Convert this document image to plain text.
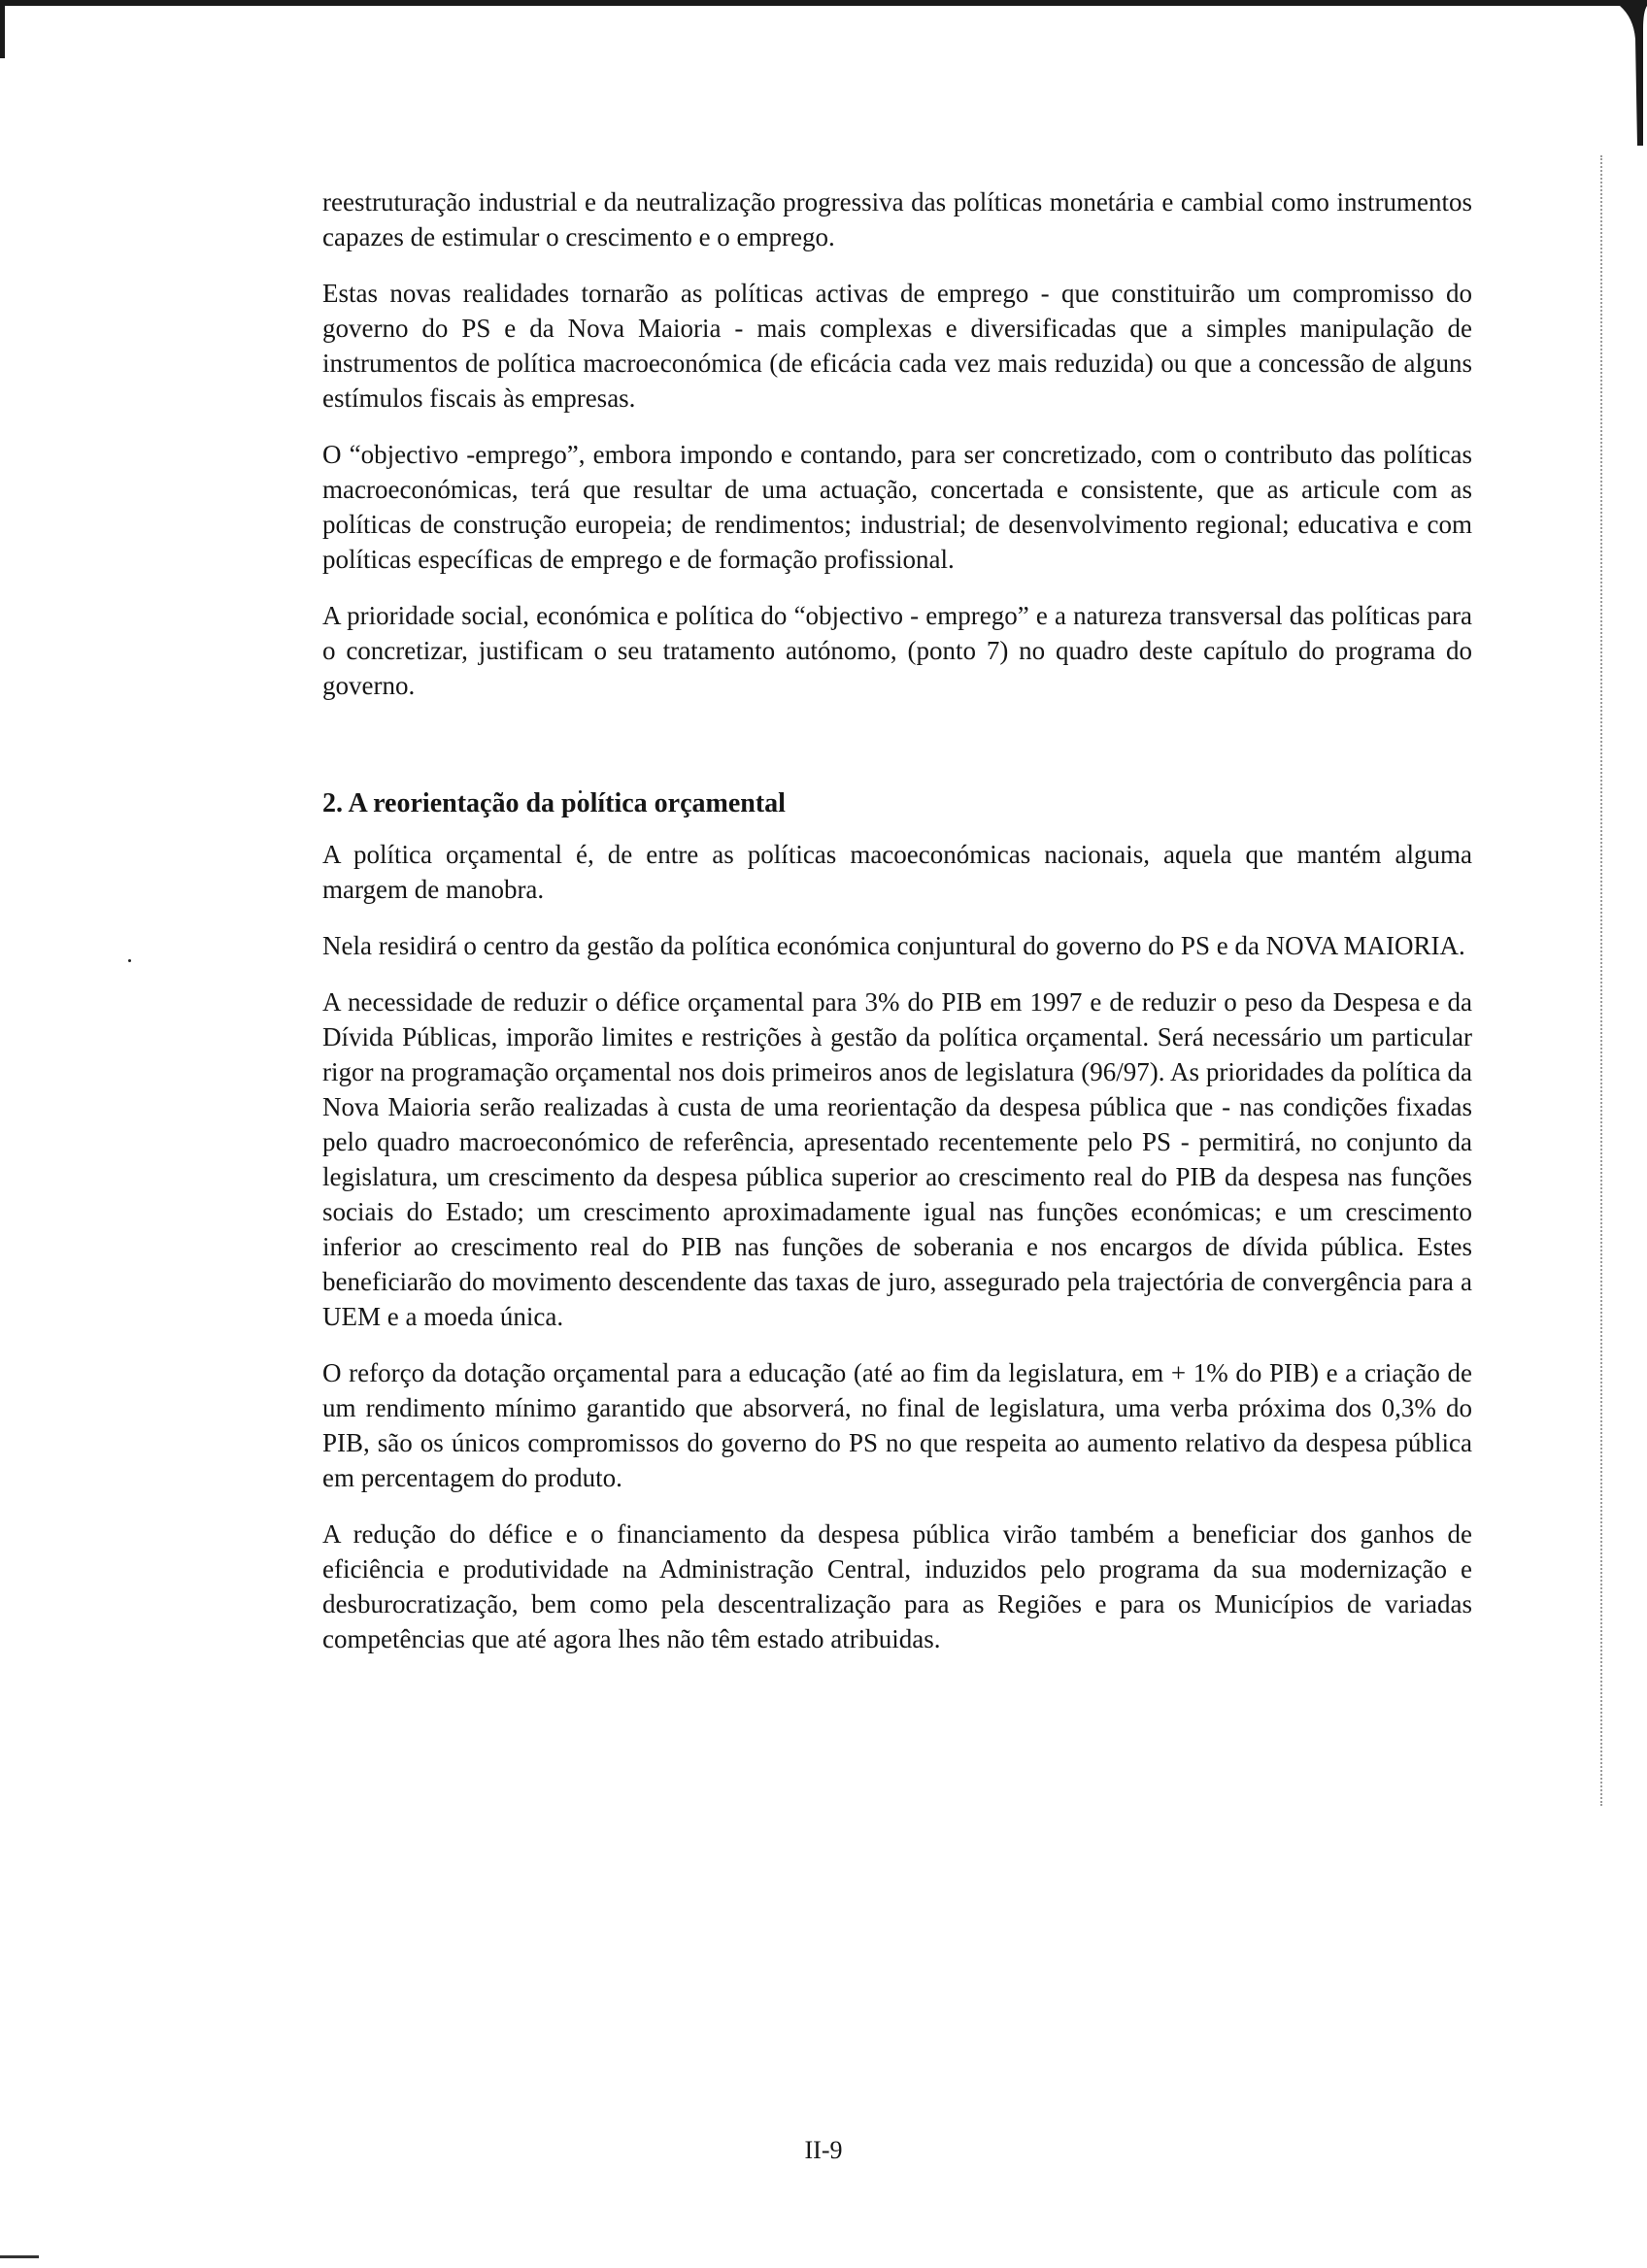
reestruturação industrial e da neutralização progressiva das políticas monetária e cambial como instrumentos capazes de estimular o crescimento e o emprego.

Estas novas realidades tornarão as políticas activas de emprego - que constituirão um compromisso do governo do PS e da Nova Maioria - mais complexas e diversificadas que a simples manipulação de instrumentos de política macroeconómica (de eficácia cada vez mais reduzida) ou que a concessão de alguns estímulos fiscais às empresas.

O “objectivo -emprego”, embora impondo e contando, para ser concretizado, com o contributo das políticas macroeconómicas, terá que resultar de uma actuação, concertada e consistente, que as articule com as políticas de construção europeia; de rendimentos; industrial; de desenvolvimento regional; educativa e com políticas específicas de emprego e de formação profissional.

A prioridade social, económica e política do “objectivo - emprego” e a natureza transversal das políticas para o concretizar, justificam o seu tratamento autónomo, (ponto 7) no quadro deste capítulo do programa do governo.

2. A reorientação da política orçamental

A política orçamental é, de entre as políticas macoeconómicas nacionais, aquela que mantém alguma margem de manobra.

Nela residirá o centro da gestão da política económica conjuntural do governo do PS e da NOVA MAIORIA.

A necessidade de reduzir o défice orçamental para 3% do PIB em 1997 e de reduzir o peso da Despesa e da Dívida Públicas, imporão limites e restrições à gestão da política orçamental. Será necessário um particular rigor na programação orçamental nos dois primeiros anos de legislatura (96/97). As prioridades da política da Nova Maioria serão realizadas à custa de uma reorientação da despesa pública que - nas condições fixadas pelo quadro macroeconómico de referência, apresentado recentemente pelo PS - permitirá, no conjunto da legislatura, um crescimento da despesa pública superior ao crescimento real do PIB da despesa nas funções sociais do Estado; um crescimento aproximadamente igual nas funções económicas; e um crescimento inferior ao crescimento real do PIB nas funções de soberania e nos encargos de dívida pública. Estes beneficiarão do movimento descendente das taxas de juro, assegurado pela trajectória de convergência para a UEM e a moeda única.

O reforço da dotação orçamental para a educação (até ao fim da legislatura, em + 1% do PIB) e a criação de um rendimento mínimo garantido que absorverá, no final de legislatura, uma verba próxima dos 0,3% do PIB, são os únicos compromissos do governo do PS no que respeita ao aumento relativo da despesa pública em percentagem do produto.

A redução do défice e o financiamento da despesa pública virão também a beneficiar dos ganhos de eficiência e produtividade na Administração Central, induzidos pelo programa da sua modernização e desburocratização, bem como pela descentralização para as Regiões e para os Municípios de variadas competências que até agora lhes não têm estado atribuidas.

II-9
